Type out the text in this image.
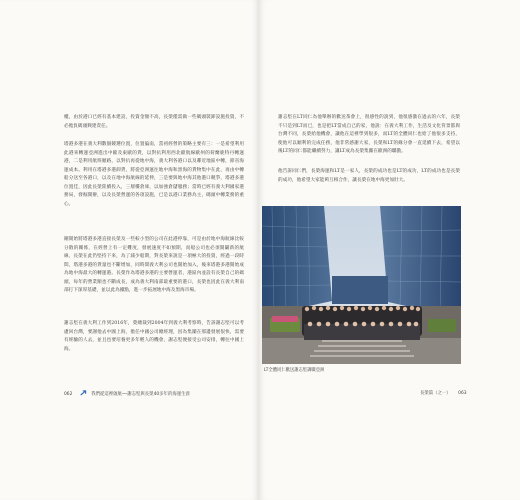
權，由於港口已經有基本建設，投資金額不高，長榮僅需做一些碼頭裝卸設施投資，不必擔負碼頭興建責任。

塔港多港在義大利數個競選位置，位置偏南，當初經營的策略主要有三：一是希望利用此港來轉運亞洲進出中歐及東歐的貨，以對抗利用西北歐航線歐州的荷蘭鹿特丹轉運港，二是利用航班順路，以對抗再從地中海，義大利各港口以及鄰近地區中轉，節省海運成本。利用在塔港多港卸貨，將從亞洲運往地中海和黑海的貨物集中在此，再由中轉船分送至各港口，以及在地中海航線的延伸，三是要與地中海其他港口競爭，塔港多港位置佳，因此長榮陸續投入，三層樓倉庫，以加強倉儲服務；當時已經有義大利國家港務局，發掘開辦，以及長榮營運的各項設施，已是以港口業務為主，碼頭中轉業務的重心。

剛開始將塔港多港直接長榮及一些較小型的公司在此港停靠，可是由於地中海航線比較分散的關係，在經營上有一定難度，發展速度不如預期，而船公司也必須開闢新的航線，長榮在此仍堅持下來，為了減少船期，對長榮來說是一項極大的投資，經過一段時間，塔港多港的貨量也不斷增加，同時間義大利公司也開始加入，後來塔港多港開始成為地中海最大的轉運港。長榮作為塔港多港的主要營運者，港區內並設有長榮自己的碼頭，每年的營業額也不斷成長，成為義大利南部最重要的港口，長榮也因此在義大利南部打下深厚基礎，並以此為據點，進一步拓展地中海及黑海市場。

謝志堅在義大利工作到2016年，榮總裁到2004年到義大利考察時，告訴謝志堅可以考慮回台灣，要謝他去中國上海，擔任中國公司總經理，因為集團在那邊發展很快，需要有經驗的人去，並且也要培養更多年輕人的機會，謝志堅便接受公司安排，轉往中國上海。

062	我們從這裡啟航──謝志堅與長榮40多年的海運生涯

謝志堅在LT同仁為他舉辦的歡送茶會上，很感性的說到，他很感激在過去的六年，長榮不只是到LT而已，也是把LT當成自己的家，他說：在義大利工作，生活及文化背景都與台灣不同，長榮給他機會，讓他在這裡學到很多，而LT的全體同仁也給了他很多支持，使他可以順利的完成任務，他非常感謝大家，長榮和LT的緣分會一直延續下去，希望以後LT的同仁都能繼續努力，讓LT成為長榮集團在歐洲的驕傲。

他告訴同仁們，長榮海運和LT是一家人，長榮的成功也是LT的成功，LT的成功也是長榮的成功，他希望大家能夠互相合作，讓長榮在地中海更加壯大。

LT全體同仁歡送謝志堅調職亞洲
長榮篇（之一） 063
